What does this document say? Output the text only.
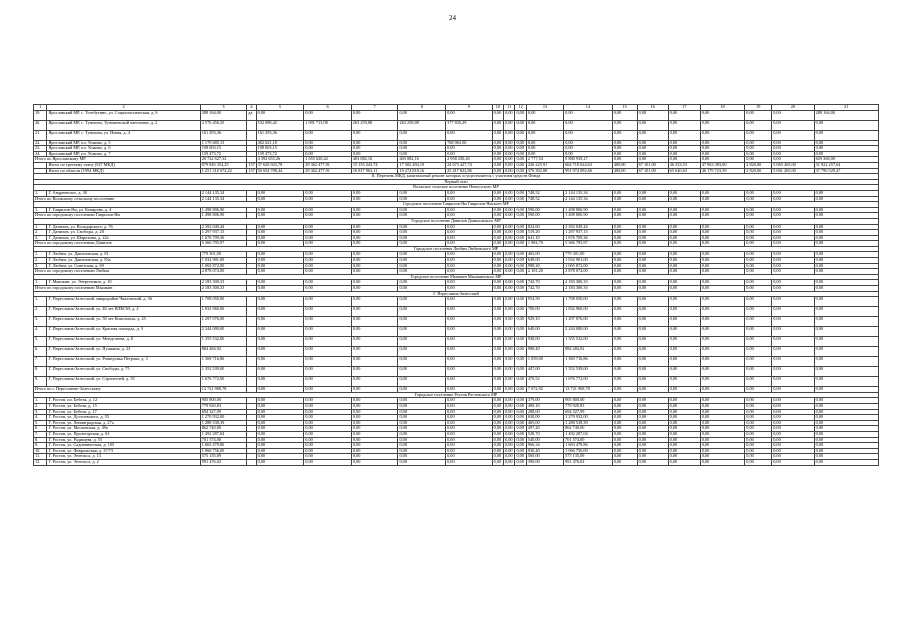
24
1	2	3	4	5	6	7	8	9	10	11	12	13	14	15	16	17	18	19	20	21
19.	Ярославский МР, с. Тоотбутино, ул. Социалистическая, д. 6	288 164,00	да	0,00	0,00	0,00	0,00	0,00	0,00	0,00	0,00	0,00	0,00	0,00	0,00	0,00	0,00	0,00	0,00	288 164,00
20.	Ярославский МР, с. Туношна, Туношенский пансионат, д. 2	2 570 456,35		532 088,42	1 091 713,08	263 259,88	263 259,88	377 835,29	0,00	0,00	0,00	0,00	0,00	0,00	0,00	0,00	0,00	0,00	0,00	0,00
21.	Ярославский МР, с. Туношна, ул. Новая, д. 4	161 293,36		161 293,36	0,00	0,00	0,00	0,00	0,00	0,00	0,00	0,00	0,00	0,00	0,00	0,00	0,00	0,00	0,00	0,00
22.	Ярославский МР, пл. Ушково, д. 5	1 170 685,13		402 621,18	0,00	0,00	0,00	768 063,00	0,00	0,00	0,00	0,00	0,00	0,00	0,00	0,00	0,00	0,00	0,00	0,00
23.	Ярославский МР, пл. Ушково, д. 6	108 003,15		108 003,15	0,00	0,00	0,00	0,00	0,00	0,00	0,00	0,00	0,00	0,00	0,00	0,00	0,00	0,00	0,00	0,00
24.	Ярославский МР, пл. Ушково, д. 7	159 473,72		159 473,72	0,00	0,00	0,00	0,00	0,00	0,00	0,00	0,00	0,00	0,00	0,00	0,00	0,00	0,00	0,00	0,00
Итого по Ярославскому МР		20 722 627,32		4 392 655,26	1 655 620,42	403 082,16	403 082,16	2 958 230,26	0,00	0,00	0,00	2 777,54	9 880 939,27	0,00	0,00	0,00	0,00	0,00	0,00	829 368,00
	Итого по третьему этапу (547 МКД)	879 845 354,25	157	37 620 923,78	29 362 477,91	15 153 243,74	17 302 494,19	24 673 427,74	0,00	0,00	0,00	226 225,91	664 718 624,63	400,00	67 101,00	46 333,53	47 963 383,00	2 820,00	5 063 265,00	31 922 257,64
	Итого по области (1994 МКД)	1 251 310 672,22	157	50 654 788,44	29 362 477,91	16 817 963,11	19 274 818,16	25 417 822,86	0,00	0,00	0,00	376 302,88	991 974 092,66	400,00	67 101,00	65 640,63	46 179 723,39	2 820,00	5 061 265,00	37 790 529,47
II. Перечень МКД, капитальный ремонт которых осуществляется с участием средств Фонда																				
Первый этап																				
Волжское сельское поселение Некоузского МР																				
1.	Г. Андреевское, д. 38	2 144 135,34		0,00	0,00	0,00	0,00	0,00	0,00	0,00	0,00	748,52	2 144 135,34	0,00	0,00	0,00	0,00	0,00	0,00	0,00
Итого по Волжскому сельскому поселению		2 144 135,34		0,00	0,00	0,00	0,00	0,00	0,00	0,00	0,00	748,52	2 144 135,34	0,00	0,00	0,00	0,00	0,00	0,00	0,00
Городское поселение Гаврилов-Ям Гаврилов-Ямского МР																				
1.	Г. Гаврилов-Ям, ул. Комарова, д. 4	1 498 806,90		0,00	0,00	0,00	0,00	0,00	0,00	0,00	0,00	590,00	1 498 806,90	0,00	0,00	0,00	0,00	0,00	0,00	0,00
Итого по городскому поселению Гаврилов-Ям		1 498 806,90		0,00	0,00	0,00	0,00	0,00	0,00	0,00	0,00	590,00	1 498 806,90	0,00	0,00	0,00	0,00	0,00	0,00	0,00
Городское поселение Данилов Даниловского МР																				
1.	Г. Данилов, ул. Володарского, д. 76	2 392 049,44		0,00	0,00	0,00	0,00	0,00	0,00	0,00	0,00	824,60	2 392 049,44	0,00	0,00	0,00	0,00	0,00	0,00	0,00
2.	Г. Данилов, ул. Свободы, д. 28	1 297 937,15		0,00	0,00	0,00	0,00	0,00	0,00	0,00	0,00	519,20	1 297 937,15	0,00	0,00	0,00	0,00	0,00	0,00	0,00
3.	Г. Данилов, ул. Шарохина, д. 22а	1 676 709,36		0,00	0,00	0,00	0,00	0,00	0,00	0,00	0,00	641,10	1 676 709,36	0,00	0,00	0,00	0,00	0,00	0,00	0,00
Итого по городскому поселению Данилов		5 366 795,97		0,00	0,00	0,00	0,00	0,00	0,00	0,00	0,00	1 984,70	5 366 795,97	0,00	0,00	0,00	0,00	0,00	0,00	0,00
Городское поселение Любим Любимского МР																				
1.	Г. Любим, ул. Даниловская, д. 81	779 301,00		0,00	0,00	0,00	0,00	0,00	0,00	0,00	0,00	465,00	779 301,00	0,00	0,00	0,00	0,00	0,00	0,00	0,00
2.	Г. Любим, ул. Даниловская, д. 83а	1 032 901,00		0,00	0,00	0,00	0,00	0,00	0,00	0,00	0,00	638,00	1 032 901,00	0,00	0,00	0,00	0,00	0,00	0,00	0,00
3.	Г. Любим, ул. Советская, д. 69	1 065 872,00		0,00	0,00	0,00	0,00	0,00	0,00	0,00	0,00	998,20	1 065 872,00	0,00	0,00	0,00	0,00	0,00	0,00	0,00
Итого по городскому поселению Любим		2 878 074,00		0,00	0,00	0,00	0,00	0,00	0,00	0,00	0,00	2 101,20	2 878 074,00	0,00	0,00	0,00	0,00	0,00	0,00	0,00
Городское поселение Мышкин Мышкинского МР																				
1.	Г. Мышкин, ул. Энергетиков, д. 10	2 183 300,33		0,00	0,00	0,00	0,00	0,00	0,00	0,00	0,00	742,70	2 183 300,33	0,00	0,00	0,00	0,00	0,00	0,00	0,00
Итого по городскому поселению Мышкин		2 183 300,33		0,00	0,00	0,00	0,00	0,00	0,00	0,00	0,00	742,70	2 183 300,33	0,00	0,00	0,00	0,00	0,00	0,00	0,00
Г. Переславль-Залесский																				
1.	Г. Переславль-Залесский, микрорайон Чкаловский, д. 36	1 708 050,00		0,00	0,00	0,00	0,00	0,00	0,00	0,00	0,00	954,50	1 708 050,00	0,00	0,00	0,00	0,00	0,00	0,00	0,00
2.	Г. Переславль-Залесский, ул. 40 лет ВЛКСМ, д. 2	1 832 960,00		0,00	0,00	0,00	0,00	0,00	0,00	0,00	0,00	700,00	1 832 960,00	0,00	0,00	0,00	0,00	0,00	0,00	0,00
3.	Г. Переславль-Залесский, ул. 50 лет Комсомола, д. 25	1 297 076,00		0,00	0,00	0,00	0,00	0,00	0,00	0,00	0,00	929,10	1 297 076,00	0,00	0,00	0,00	0,00	0,00	0,00	0,00
4.	Г. Переславль-Залесский, ул. Красная площадь, д. 3	2 244 000,00		0,00	0,00	0,00	0,00	0,00	0,00	0,00	0,00	640,00	2 244 000,00	0,00	0,00	0,00	0,00	0,00	0,00	0,00
5.	Г. Переславль-Залесский, ул. Менделеева, д. 8	1 355 532,00		0,00	0,00	0,00	0,00	0,00	0,00	0,00	0,00	930,00	1 355 532,00	0,00	0,00	0,00	0,00	0,00	0,00	0,00
6.	Г. Переславль-Залесский, ул. Пушкина, д. 23	884 284,92		0,00	0,00	0,00	0,00	0,00	0,00	0,00	0,00	908,40	884 284,92	0,00	0,00	0,00	0,00	0,00	0,00	0,00
7.	Г. Переславль-Залесский, ул. Разведчика Петрова, д. 3	1 369 716,86		0,00	0,00	0,00	0,00	0,00	0,00	0,00	0,00	1 059,00	1 369 716,86	0,00	0,00	0,00	0,00	0,00	0,00	0,00
8.	Г. Переславль-Залесский, ул. Свободы, д. 75	1 352 539,00		0,00	0,00	0,00	0,00	0,00	0,00	0,00	0,00	447,00	1 352 539,00	0,00	0,00	0,00	0,00	0,00	0,00	0,00
9.	Г. Переславль-Залесский, ул. Строителей, д. 35	1 676 772,00		0,00	0,00	0,00	0,00	0,00	0,00	0,00	0,00	470,52	1 676 772,00	0,00	0,00	0,00	0,00	0,00	0,00	0,00
Итого по г. Переславлю-Залесскому		13 721 968,78		0,00	0,00	0,00	0,00	0,00	0,00	0,00	0,00	7 072,92	13 721 968,78	0,00	0,00	0,00	0,00	0,00	0,00	0,00
Городское поселение Ростов Ростовского МР																				
1.	Г. Ростов, пл. Бебеля, д. 12	905 800,00		0,00	0,00	0,00	0,00	0,00	0,00	0,00	0,00	379,00	905 800,00	0,00	0,00	0,00	0,00	0,00	0,00	0,00
2.	Г. Ростов, ул. Бебеля, д. 15	779 920,83		0,00	0,00	0,00	0,00	0,00	0,00	0,00	0,00	490,10	779 920,83	0,00	0,00	0,00	0,00	0,00	0,00	0,00
3.	Г. Ростов, ул. Бебеля, д. 17	694 327,99		0,00	0,00	0,00	0,00	0,00	0,00	0,00	0,00	288,00	694 327,99	0,00	0,00	0,00	0,00	0,00	0,00	0,00
4.	Г. Ростов, ул. Достоевского, д. 55	1 270 932,00		0,00	0,00	0,00	0,00	0,00	0,00	0,00	0,00	630,00	1 270 932,00	0,00	0,00	0,00	0,00	0,00	0,00	0,00
5.	Г. Ростов, ул. Ленинградская, д. 27а	1 288 538,39		0,00	0,00	0,00	0,00	0,00	0,00	0,00	0,00	465,00	1 288 538,39	0,00	0,00	0,00	0,00	0,00	0,00	0,00
6.	Г. Ростов, ул. Московская, д. 49а	862 740,00		0,00	0,00	0,00	0,00	0,00	0,00	0,00	0,00	497,20	862 740,00	0,00	0,00	0,00	0,00	0,00	0,00	0,00
7.	Г. Ростов, ул. Пролетарская, д. 63	1 492 287,04		0,00	0,00	0,00	0,00	0,00	0,00	0,00	0,00	528,70	1 492 287,04	0,00	0,00	0,00	0,00	0,00	0,00	0,00
8.	Г. Ростов, ул. Радищева, д. 55	701 574,00		0,00	0,00	0,00	0,00	0,00	0,00	0,00	0,00	540,00	701 574,00	0,00	0,00	0,00	0,00	0,00	0,00	0,00
9.	Г. Ростов, ул. Садовническая, д. 105	1 663 479,86		0,00	0,00	0,00	0,00	0,00	0,00	0,00	0,00	966,34	1 663 479,86	0,00	0,00	0,00	0,00	0,00	0,00	0,00
10.	Г. Ростов, ул. Февральская, д. 37/73	1 066 756,00		0,00	0,00	0,00	0,00	0,00	0,00	0,00	0,00	930,40	1 066 756,00	0,00	0,00	0,00	0,00	0,00	0,00	0,00
11.	Г. Ростов, ул. Энгельса, д. 13	575 135,09		0,00	0,00	0,00	0,00	0,00	0,00	0,00	0,00	560,00	575 135,09	0,00	0,00	0,00	0,00	0,00	0,00	0,00
12.	Г. Ростов, ул. Энгельса, д. 2	991 476,02		0,00	0,00	0,00	0,00	0,00	0,00	0,00	0,00	390,00	991 476,02	0,00	0,00	0,00	0,00	0,00	0,00	0,00
